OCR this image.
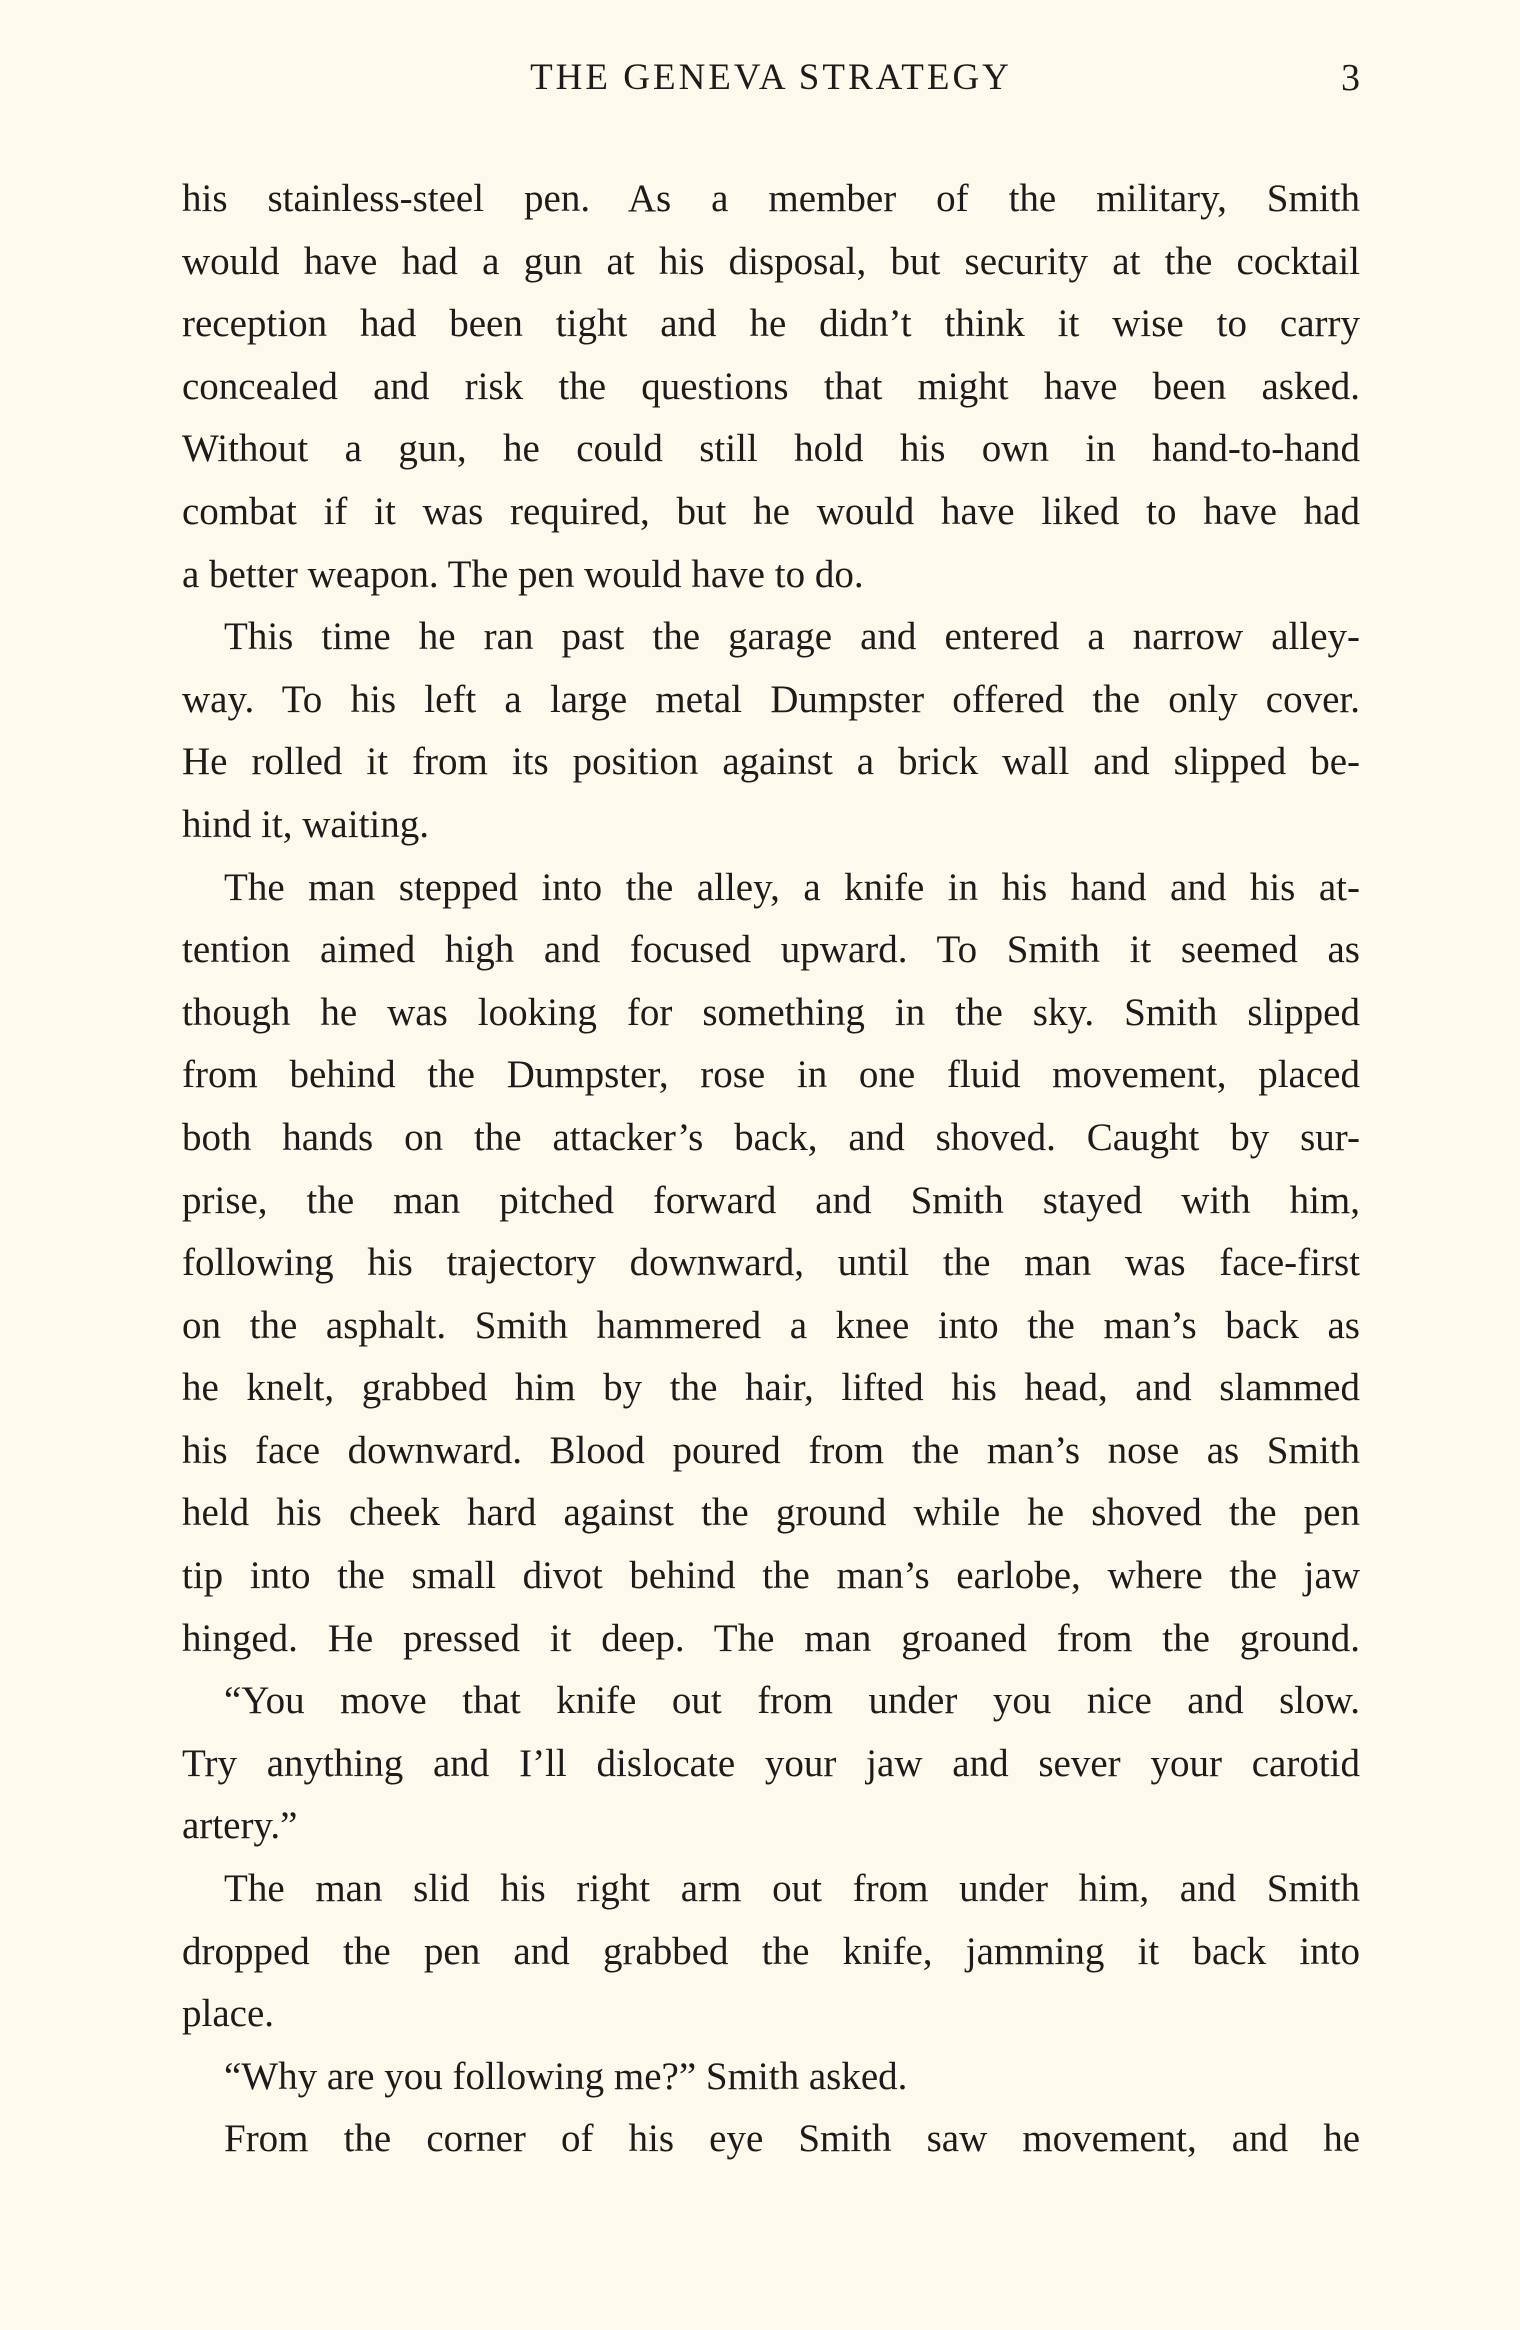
THE GENEVA STRATEGY	3
his stainless-steel pen. As a member of the military, Smith
would have had a gun at his disposal, but security at the cocktail
reception had been tight and he didn’t think it wise to carry
concealed and risk the questions that might have been asked.
Without a gun, he could still hold his own in hand-to-hand
combat if it was required, but he would have liked to have had
a better weapon. The pen would have to do.
This time he ran past the garage and entered a narrow alley-
way. To his left a large metal Dumpster offered the only cover.
He rolled it from its position against a brick wall and slipped be-
hind it, waiting.
The man stepped into the alley, a knife in his hand and his at-
tention aimed high and focused upward. To Smith it seemed as
though he was looking for something in the sky. Smith slipped
from behind the Dumpster, rose in one fluid movement, placed
both hands on the attacker’s back, and shoved. Caught by sur-
prise, the man pitched forward and Smith stayed with him,
following his trajectory downward, until the man was face-first
on the asphalt. Smith hammered a knee into the man’s back as
he knelt, grabbed him by the hair, lifted his head, and slammed
his face downward. Blood poured from the man’s nose as Smith
held his cheek hard against the ground while he shoved the pen
tip into the small divot behind the man’s earlobe, where the jaw
hinged. He pressed it deep. The man groaned from the ground.
“You move that knife out from under you nice and slow.
Try anything and I’ll dislocate your jaw and sever your carotid
artery.”
The man slid his right arm out from under him, and Smith
dropped the pen and grabbed the knife, jamming it back into
place.
“Why are you following me?” Smith asked.
From the corner of his eye Smith saw movement, and he
